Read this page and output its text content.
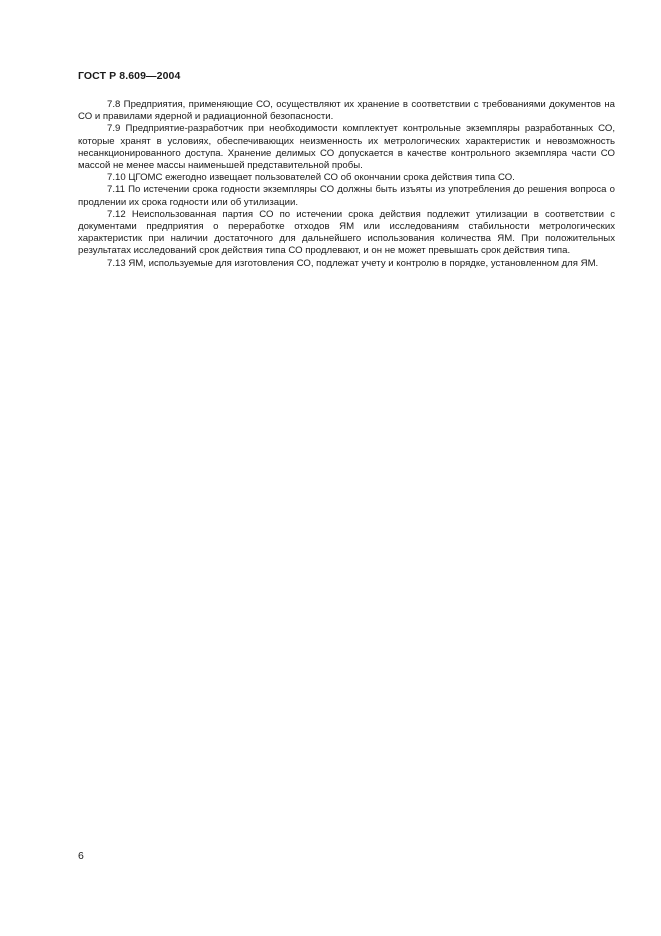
ГОСТ Р 8.609—2004

7.8 Предприятия, применяющие СО, осуществляют их хранение в соответствии с требованиями документов на СО и правилами ядерной и радиационной безопасности.

7.9 Предприятие-разработчик при необходимости комплектует контрольные экземпляры разработанных СО, которые хранят в условиях, обеспечивающих неизменность их метрологических характеристик и невозможность несанкционированного доступа. Хранение делимых СО допускается в качестве контрольного экземпляра части СО массой не менее массы наименьшей представительной пробы.

7.10 ЦГОМС ежегодно извещает пользователей СО об окончании срока действия типа СО.

7.11 По истечении срока годности экземпляры СО должны быть изъяты из употребления до решения вопроса о продлении их срока годности или об утилизации.

7.12 Неиспользованная партия СО по истечении срока действия подлежит утилизации в соответствии с документами предприятия о переработке отходов ЯМ или исследованиям стабильности метрологических характеристик при наличии достаточного для дальнейшего использования количества ЯМ. При положительных результатах исследований срок действия типа СО продлевают, и он не может превышать срок действия типа.

7.13 ЯМ, используемые для изготовления СО, подлежат учету и контролю в порядке, установленном для ЯМ.

6
